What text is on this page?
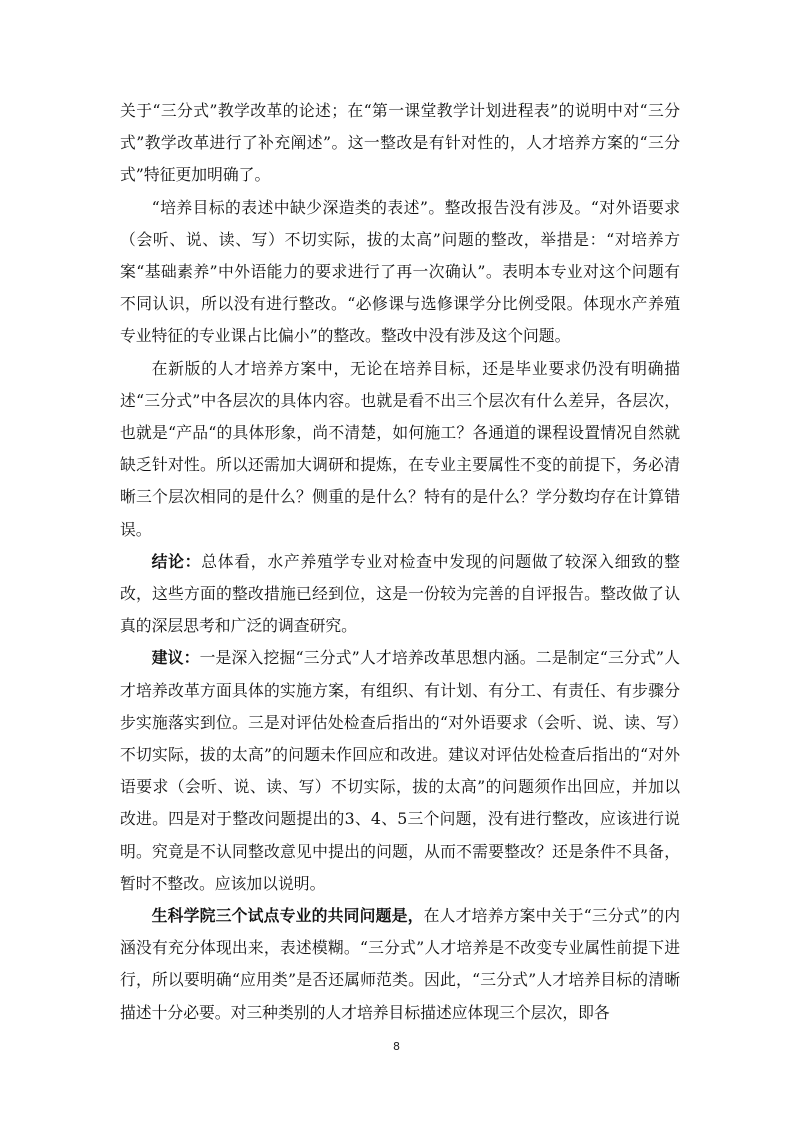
关于“三分式”教学改革的论述；在“第一课堂教学计划进程表”的说明中对“三分式”教学改革进行了补充阐述”。这一整改是有针对性的，人才培养方案的“三分式”特征更加明确了。

“培养目标的表述中缺少深造类的表述”。整改报告没有涉及。“对外语要求（会听、说、读、写）不切实际，拔的太高”问题的整改，举措是：“对培养方案“基础素养”中外语能力的要求进行了再一次确认”。表明本专业对这个问题有不同认识，所以没有进行整改。“必修课与选修课学分比例受限。体现水产养殖专业特征的专业课占比偏小”的整改。整改中没有涉及这个问题。

在新版的人才培养方案中，无论在培养目标，还是毕业要求仍没有明确描述“三分式”中各层次的具体内容。也就是看不出三个层次有什么差异，各层次，也就是“产品“的具体形象，尚不清楚，如何施工？各通道的课程设置情况自然就缺乏针对性。所以还需加大调研和提炼，在专业主要属性不变的前提下，务必清晰三个层次相同的是什么？侧重的是什么？特有的是什么？学分数均存在计算错误。

结论：总体看，水产养殖学专业对检查中发现的问题做了较深入细致的整改，这些方面的整改措施已经到位，这是一份较为完善的自评报告。整改做了认真的深层思考和广泛的调查研究。

建议：一是深入挖掘“三分式”人才培养改革思想内涵。二是制定“三分式”人才培养改革方面具体的实施方案，有组织、有计划、有分工、有责任、有步骤分步实施落实到位。三是对评估处检查后指出的“对外语要求（会听、说、读、写）不切实际，拔的太高”的问题未作回应和改进。建议对评估处检查后指出的“对外语要求（会听、说、读、写）不切实际，拔的太高”的问题须作出回应，并加以改进。四是对于整改问题提出的3、4、5三个问题，没有进行整改，应该进行说明。究竟是不认同整改意见中提出的问题，从而不需要整改？还是条件不具备，暂时不整改。应该加以说明。

生科学院三个试点专业的共同问题是，在人才培养方案中关于“三分式”的内涵没有充分体现出来，表述模糊。“三分式”人才培养是不改变专业属性前提下进行，所以要明确“应用类”是否还属师范类。因此，“三分式”人才培养目标的清晰描述十分必要。对三种类别的人才培养目标描述应体现三个层次，即各

8
